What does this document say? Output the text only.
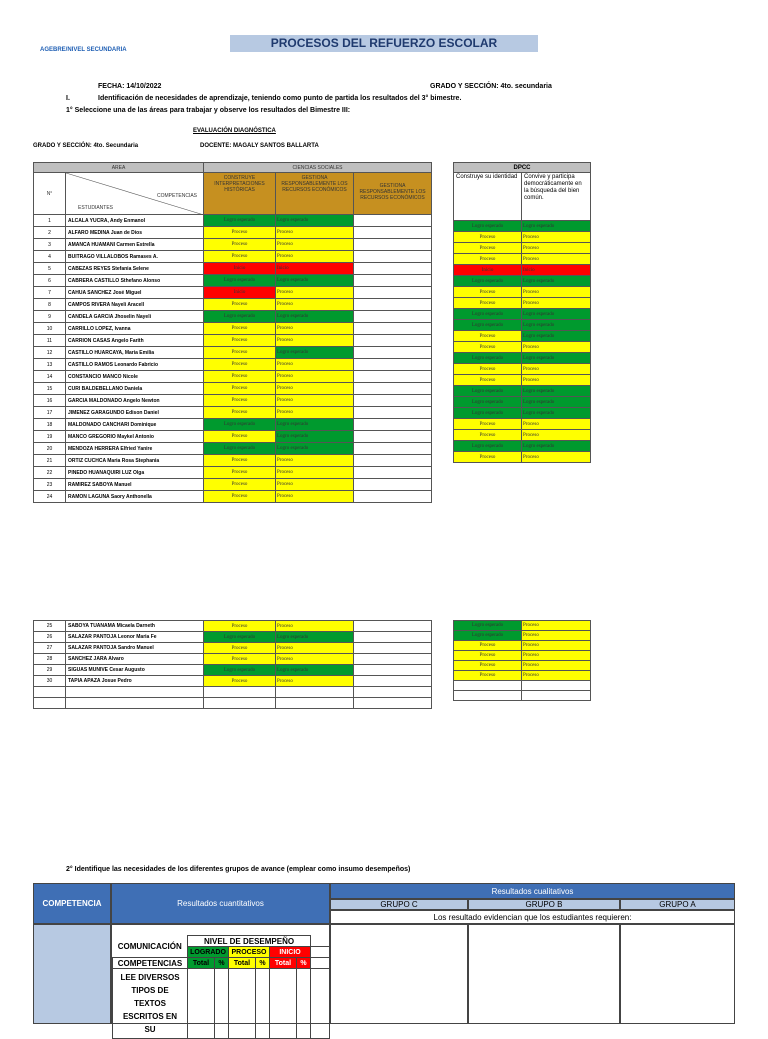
AGEBRE/NIVEL SECUNDARIA	PROCESOS DEL REFUERZO ESCOLAR
FECHA: 14/10/2022	GRADO Y SECCIÓN: 4to. secundaria
I.	Identificación de necesidades de aprendizaje, teniendo como punto de partida los resultados del 3° bimestre.
1° Seleccione una de las áreas para trabajar y observe los resultados del Bimestre III:
EVALUACIÓN DIAGNÓSTICA
GRADO Y SECCIÓN: 4to. Secundaria	DOCENTE: MAGALY SANTOS BALLARTA
AREA		CIENCIAS SOCIALES		
N°	COMPETENCIAS
ESTUDIANTES	CONSTRUYE INTERPRETACIONES HISTÓRICAS	GESTIONA RESPONSABLEMENTE LOS RECURSOS ECONÓMICOS	GESTIONA RESPONSABLEMENTE LOS RECURSOS ECONÓMICOS
1	ALCALA YUCRA, Andy Enmanol	Logro esperado	Logro esperado	
2	ALFARO MEDINA Juan de Dios	Proceso	Proceso	
3	AMANCA HUAMANI Carmen Estrella	Proceso	Proceso	
4	BUITRAGO VILLALOBOS Ramases A.	Proceso	Proceso	
5	CABEZAS REYES Stefania Selene	Inicio	Inicio	
6	CABRERA CASTILLO Sthefano Alonso	Logro esperado	Logro esperado	
7	CAHUA SANCHEZ José Miguel	Inicio	Proceso	
8	CAMPOS RIVERA Nayeli Aracell	Proceso	Proceso	
9	CANDELA GARCIA Jhoselin Nayeli	Logro esperado	Logro esperado	
10	CARRILLO LOPEZ, Ivanna	Proceso	Proceso	
11	CARRION CASAS Angelo Farith	Proceso	Proceso	
12	CASTILLO HUARCAYA, Maria Emilia	Proceso	Logro esperado	
13	CASTILLO RAMOS Leonardo Fabricio	Proceso	Proceso	
14	CONSTANCIO MANCO Nicole	Proceso	Proceso	
15	CURI BALDEBELLANO Daniela	Proceso	Proceso	
16	GARCIA MALDONADO Angelo Newton	Proceso	Proceso	
17	JIMENEZ GARAGUNDO Edison Daniel	Proceso	Proceso	
18	MALDONADO CANCHARI Dominique	Logro esperado	Logro esperado	
19	MANCO GREGORIO Maykel Antonio	Proceso	Logro esperado	
20	MENDOZA HERRERA Elfried Yanire	Logro esperado	Logro esperado	
21	ORTIZ CUCHCA Maria Rosa Stephania	Proceso	Proceso	
22	PINEDO HUANAQUIRI LUZ Olga	Proceso	Proceso	
23	RAMIREZ SABOYA Manuel	Proceso	Proceso	
24	RAMON LAGUNA Saory Anthonella	Proceso	Proceso	
DPCC	
Construye su identidad	Convive y participa democráticamente en la búsqueda del bien común.
Logro esperado	Logro esperado
Proceso	Proceso
Proceso	Proceso
Proceso	Proceso
Inicio	Inicio
Logro esperado	Logro esperado
Proceso	Proceso
Proceso	Proceso
Logro esperado	Logro esperado
Logro esperado	Logro esperado
Proceso	Logro esperado
Proceso	Proceso
Logro esperado	Logro esperado
Proceso	Proceso
Proceso	Proceso
Logro esperado	Logro esperado
Logro esperado	Logro esperado
Logro esperado	Logro esperado
Proceso	Proceso
Proceso	Proceso
Logro esperado	Logro esperado
Proceso	Proceso
25	SABOYA TUANAMA Micaela Darneth	Proceso	Proceso	
26	SALAZAR PANTOJA Leonor Maria Fe	Logro esperado	Logro esperado	
27	SALAZAR PANTOJA Sandro Manuel	Proceso	Proceso	
28	SANCHEZ JARA Alvaro	Proceso	Proceso	
29	SIGUAS MUNIVE Cesar Augusto	Logro esperado	Logro esperado	
30	TAPIA APAZA Josue Pedro	Proceso	Proceso	

Logro esperado	Proceso
Logro esperado	Proceso
Proceso	Proceso
Proceso	Proceso
Proceso	Proceso
Proceso	Proceso

2° Identifique las necesidades de los diferentes grupos de avance (emplear como insumo desempeños)
COMPETENCIA	Resultados cuantitativos
Resultados cualitativos
GRUPO C	GRUPO B	GRUPO A
Los resultado evidencian que los estudiantes requieren:
COMUNICACIÓN	NIVEL DE DESEMPEÑO						
	LOGRADO		PROCESO		INICIO		
COMPETENCIAS	Total	%	Total	%	Total	%	
LEE DIVERSOS TIPOS DE TEXTOS ESCRITOS EN SU							
